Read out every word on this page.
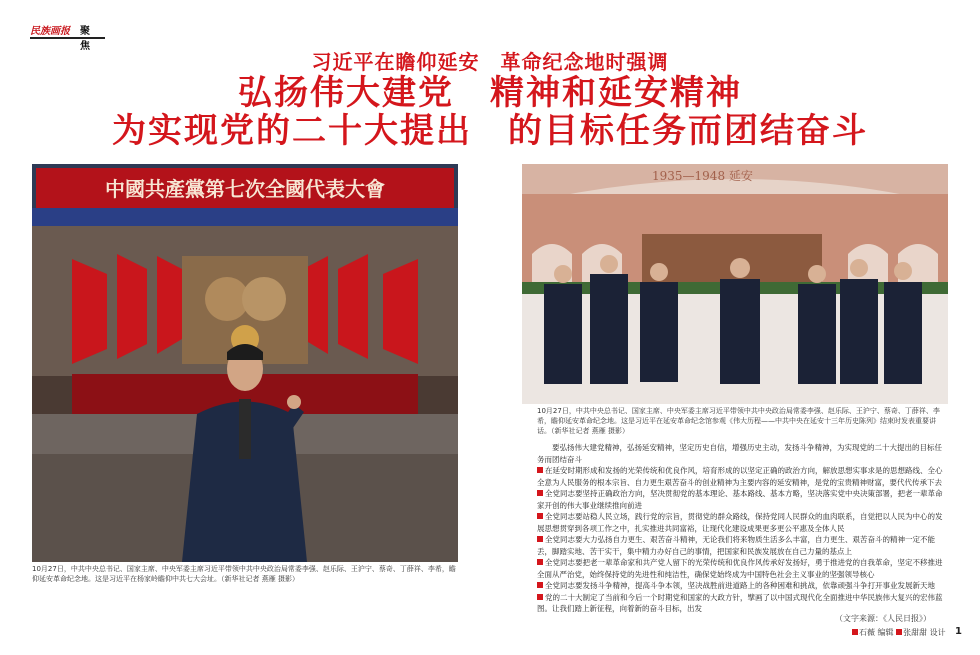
民族画报 聚 焦
习近平在瞻仰延安　革命纪念地时强调
弘扬伟大建党　精神和延安精神
为实现党的二十大提出　的目标任务而团结奋斗
中國共產黨第七次全國代表大會
1935—1948 延安
10月27日，中共中央总书记、国家主席、中央军委主席习近平带领中共中央政治局常委李强、赵乐际、王沪宁、蔡奇、丁薛祥、李希，瞻仰延安革命纪念地。这是习近平在杨家岭瞻仰中共七大会址。（新华社记者 燕雁 摄影）
10月27日，中共中央总书记、国家主席、中央军委主席习近平带领中共中央政治局常委李强、赵乐际、王沪宁、蔡奇、丁薛祥、李希，瞻仰延安革命纪念地。这是习近平在延安革命纪念馆参观《伟大历程——中共中央在延安十三年历史陈列》结束时发表重要讲话。（新华社记者 燕雁 摄影）

要弘扬伟大建党精神，弘扬延安精神，坚定历史自信，增强历史主动，发扬斗争精神，为实现党的二十大提出的目标任务而团结奋斗

在延安时期形成和发扬的光荣传统和优良作风，培育形成的以坚定正确的政治方向，解放思想实事求是的思想路线、全心全意为人民服务的根本宗旨、自力更生艰苦奋斗的创业精神为主要内容的延安精神，是党的宝贵精神财富，要代代传承下去

全党同志要坚持正确政治方向，坚决贯彻党的基本理论、基本路线、基本方略，坚决落实党中央决策部署，把老一辈革命家开创的伟大事业继续推向前进

全党同志要站稳人民立场，践行党的宗旨，贯彻党的群众路线，保持党同人民群众的血肉联系，自觉把以人民为中心的发展思想贯穿到各项工作之中，扎实推进共同富裕，让现代化建设成果更多更公平惠及全体人民

全党同志要大力弘扬自力更生、艰苦奋斗精神，无论我们将来物质生活多么丰富，自力更生、艰苦奋斗的精神一定不能丢，脚踏实地、苦干实干，集中精力办好自己的事情，把国家和民族发展放在自己力量的基点上

全党同志要把老一辈革命家和共产党人留下的光荣传统和优良作风传承好发扬好，勇于推进党的自我革命，坚定不移推进全面从严治党，始终保持党的先进性和纯洁性，确保党始终成为中国特色社会主义事业的坚强领导核心

全党同志要发扬斗争精神，提高斗争本领，坚决战胜前进道路上的各种困难和挑战，依靠顽强斗争打开事业发展新天地

党的二十大制定了当前和今后一个时期党和国家的大政方针，擘画了以中国式现代化全面推进中华民族伟大复兴的宏伟蓝图。让我们踏上新征程，向着新的奋斗目标，出发

（文字来源：《人民日报》）
石薇 编辑 张甜甜 设计 1
